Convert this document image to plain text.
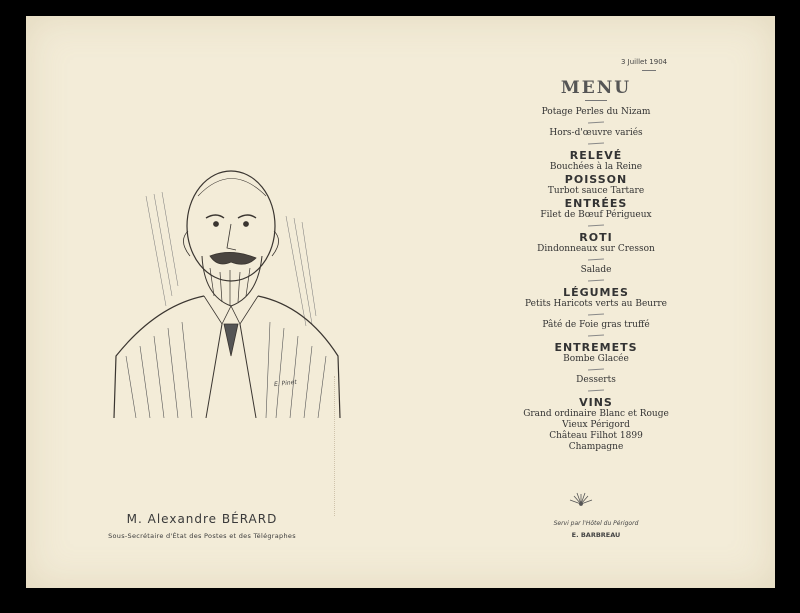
E. Pinet
M. Alexandre BÉRARD
Sous-Secrétaire d'État des Postes et des Télégraphes
3 Juillet 1904
MENU
Potage Perles du Nizam
Hors-d'œuvre variés
RELEVÉ
Bouchées à la Reine
POISSON
Turbot sauce Tartare
ENTRÉES
Filet de Bœuf Périgueux
ROTI
Dindonneaux sur Cresson
Salade
LÉGUMES
Petits Haricots verts au Beurre
Pâté de Foie gras truffé
ENTREMETS
Bombe Glacée
Desserts
VINS
Grand ordinaire Blanc et Rouge
Vieux Périgord
Château Filhot 1899
Champagne
Servi par l'Hôtel du Périgord
E. BARBREAU
